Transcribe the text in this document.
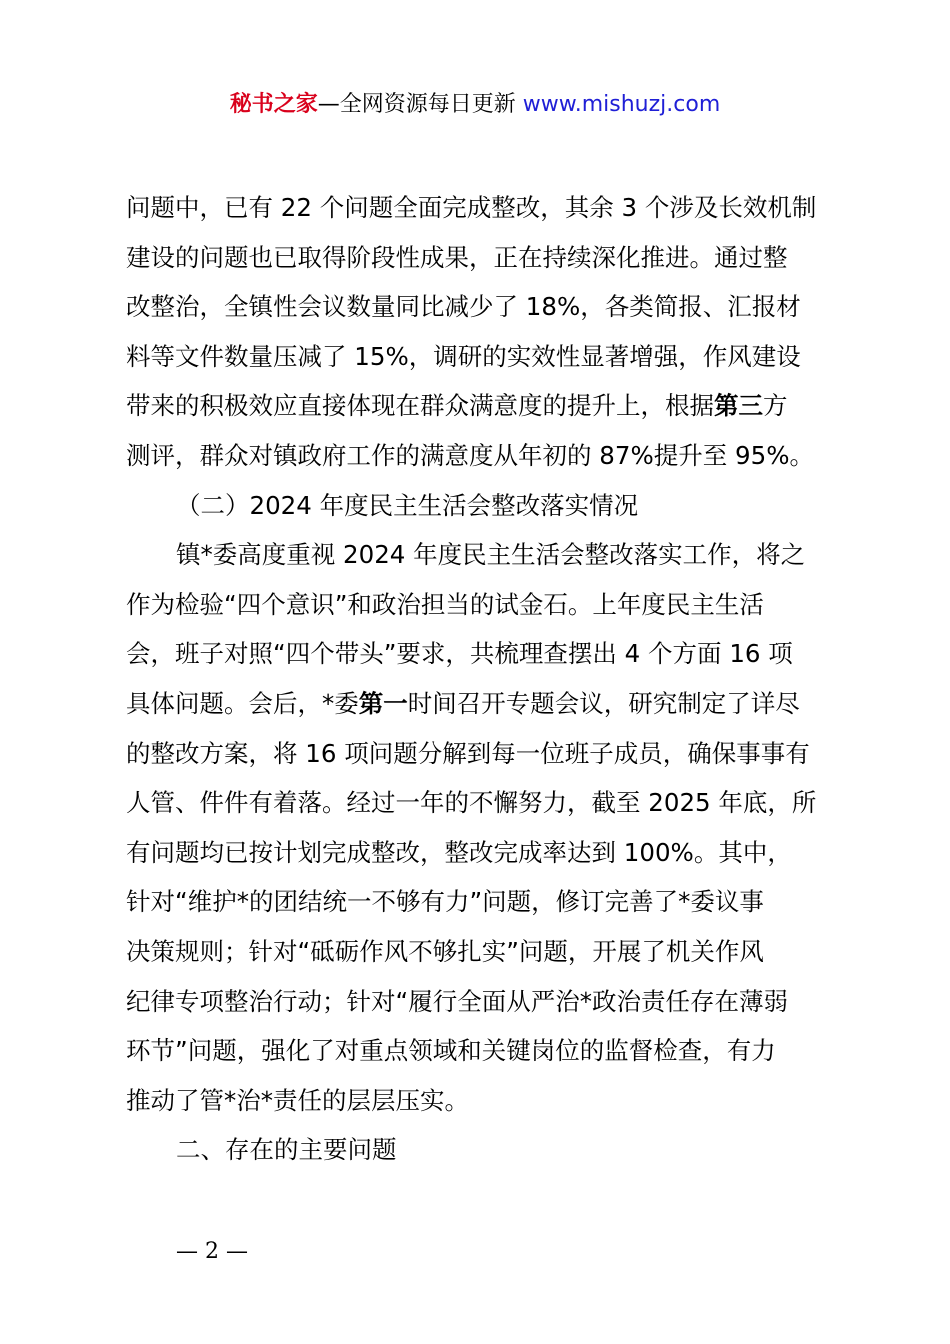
秘书之家—全网资源每日更新 www.mishuzj.com
问题中，已有 22 个问题全面完成整改，其余 3 个涉及长效机制
建设的问题也已取得阶段性成果，正在持续深化推进。通过整
改整治，全镇性会议数量同比减少了 18%，各类简报、汇报材
料等文件数量压减了 15%，调研的实效性显著增强，作风建设
带来的积极效应直接体现在群众满意度的提升上，根据第三方
测评，群众对镇政府工作的满意度从年初的 87%提升至 95%。
（二）2024 年度民主生活会整改落实情况
镇*委高度重视 2024 年度民主生活会整改落实工作，将之
作为检验“四个意识”和政治担当的试金石。上年度民主生活
会，班子对照“四个带头”要求，共梳理查摆出 4 个方面 16 项
具体问题。会后，*委第一时间召开专题会议，研究制定了详尽
的整改方案，将 16 项问题分解到每一位班子成员，确保事事有
人管、件件有着落。经过一年的不懈努力，截至 2025 年底，所
有问题均已按计划完成整改，整改完成率达到 100%。其中，
针对“维护*的团结统一不够有力”问题，修订完善了*委议事
决策规则；针对“砥砺作风不够扎实”问题，开展了机关作风
纪律专项整治行动；针对“履行全面从严治*政治责任存在薄弱
环节”问题，强化了对重点领域和关键岗位的监督检查，有力
推动了管*治*责任的层层压实。
二、存在的主要问题
— 2 —
